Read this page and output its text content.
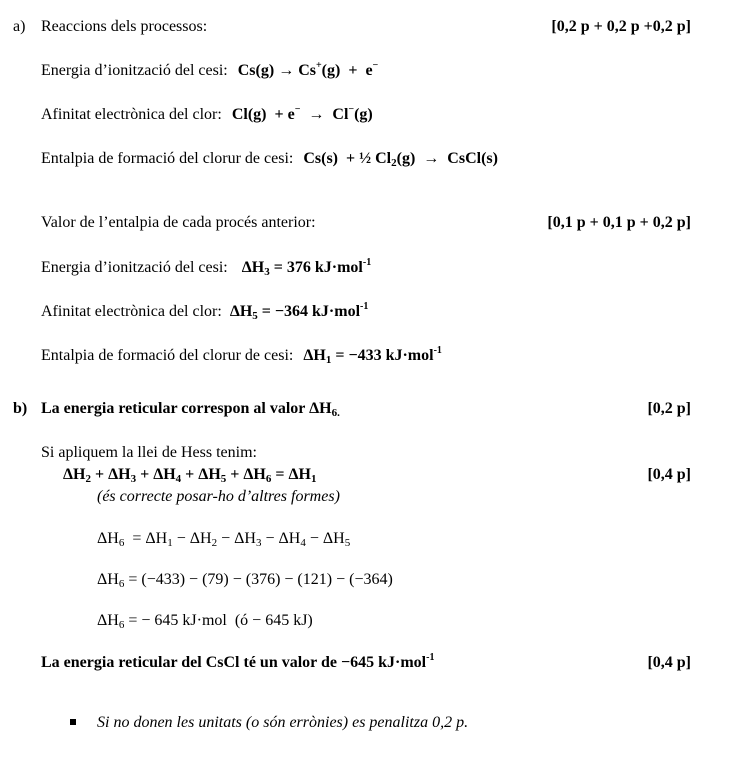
a) Reaccions dels processos:	[0,2 p + 0,2 p +0,2 p]
Energia d’ionització del cesi: Cs(g) → Cs+(g)  +  e−
Afinitat electrònica del clor: Cl(g)  + e−  →  Cl−(g)
Entalpia de formació del clorur de cesi: Cs(s)  + ½ $Cl_2(g)$  →  CsCl(s)
Valor de l’entalpia de cada procés anterior:	[0,1 p + 0,1 p + 0,2 p]
Energia d’ionització del cesi: $\Delta H_3 = 376$ kJ·mol$^{-1}$
Afinitat electrònica del clor: $\Delta H_5 = -364$ kJ·mol$^{-1}$
Entalpia de formació del clorur de cesi: $\Delta H_1 = -433$ kJ·mol$^{-1}$
b) La energia reticular correspon al valor $\Delta H_{6.}$	[0,2 p]
Si apliquem la llei de Hess tenim:
$\Delta H_2 + \Delta H_3 + \Delta H_4 + \Delta H_5 + \Delta H_6 = \Delta H_1$	[0,4 p]
(és correcte posar-ho d’altres formes)
$\Delta H_6 = \Delta H_1 - \Delta H_2 - \Delta H_3 - \Delta H_4 - \Delta H_5$
$\Delta H_6 = (-433) - (79) - (376) - (121) - (-364)$
$\Delta H_6$ = − 645 kJ·mol  (ó − 645 kJ)
La energia reticular del CsCl té un valor de −645 kJ·mol$^{-1}$	[0,4 p]
Si no donen les unitats (o són errònies) es penalitza 0,2 p.
